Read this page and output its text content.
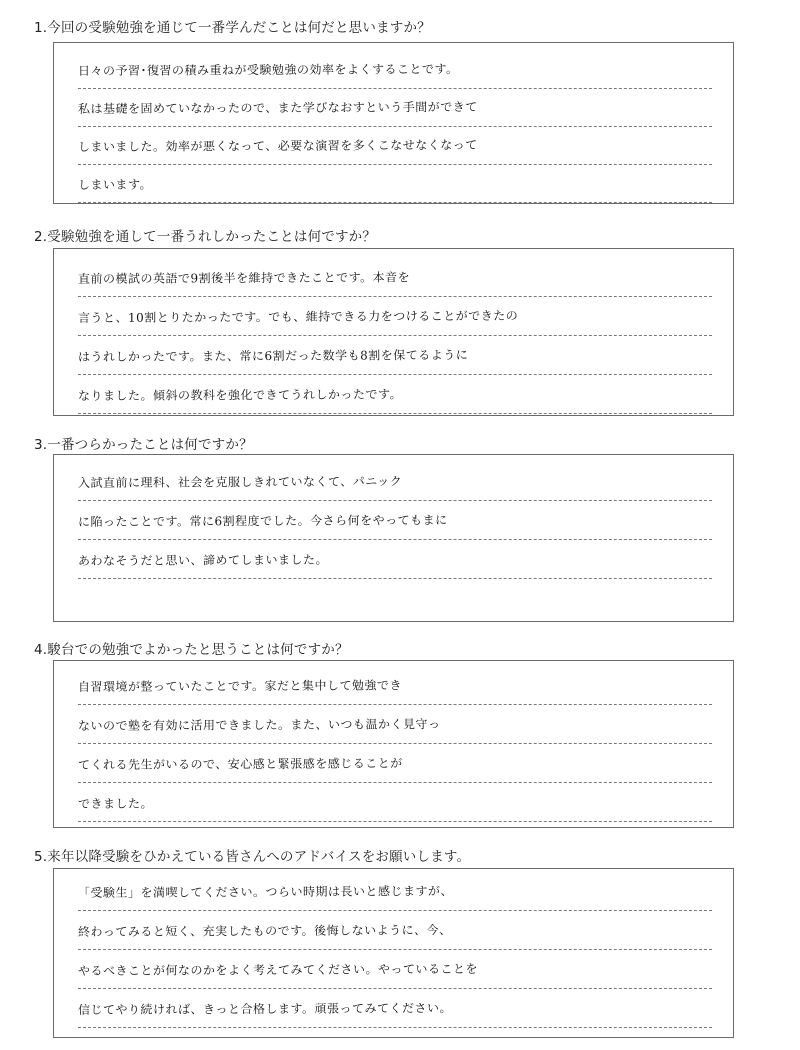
1.今回の受験勉強を通じて一番学んだことは何だと思いますか？
日々の予習･復習の積み重ねが受験勉強の効率をよくすることです。
私は基礎を固めていなかったので、また学びなおすという手間ができて
しまいました。効率が悪くなって、必要な演習を多くこなせなくなって
しまいます。
2.受験勉強を通して一番うれしかったことは何ですか？
直前の模試の英語で9割後半を維持できたことです。本音を
言うと、10割とりたかったです。でも、維持できる力をつけることができたの
はうれしかったです。また、常に6割だった数学も8割を保てるように
なりました。傾斜の教科を強化できてうれしかったです。
3.一番つらかったことは何ですか？
入試直前に理科、社会を克服しきれていなくて、パニック
に陥ったことです。常に6割程度でした。今さら何をやってもまに
あわなそうだと思い、諦めてしまいました。
4.駿台での勉強でよかったと思うことは何ですか？
自習環境が整っていたことです。家だと集中して勉強でき
ないので塾を有効に活用できました。また、いつも温かく見守っ
てくれる先生がいるので、安心感と緊張感を感じることが
できました。
5.来年以降受験をひかえている皆さんへのアドバイスをお願いします。
「受験生」を満喫してください。つらい時期は長いと感じますが、
終わってみると短く、充実したものです。後悔しないように、今、
やるべきことが何なのかをよく考えてみてください。やっていることを
信じてやり続ければ、きっと合格します。頑張ってみてください。
